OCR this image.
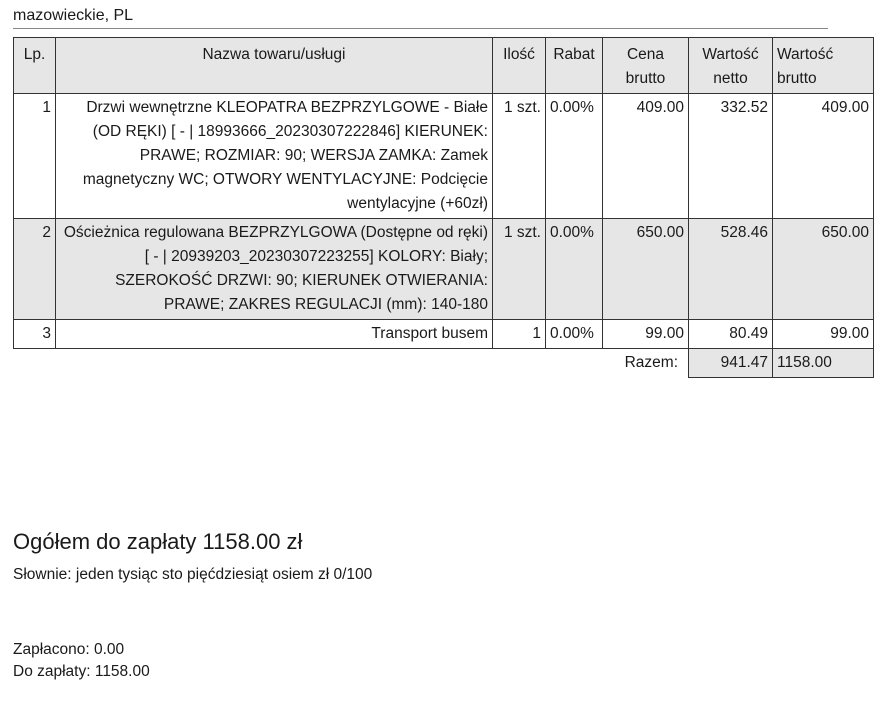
mazowieckie, PL
Lp.	Nazwa towaru/usługi	Ilość	Rabat	Cena brutto	Wartość netto	Wartość brutto
1	Drzwi wewnętrzne KLEOPATRA BEZPRZYLGOWE - Białe (OD RĘKI) [ - | 18993666_20230307222846] KIERUNEK: PRAWE; ROZMIAR: 90; WERSJA ZAMKA: Zamek magnetyczny WC; OTWORY WENTYLACYJNE: Podcięcie wentylacyjne (+60zł)	1 szt.	0.00%	409.00	332.52	409.00
2	Ościeżnica regulowana BEZPRZYLGOWA (Dostępne od ręki) [ - | 20939203_20230307223255] KOLORY: Biały; SZEROKOŚĆ DRZWI: 90; KIERUNEK OTWIERANIA: PRAWE; ZAKRES REGULACJI (mm): 140-180	1 szt.	0.00%	650.00	528.46	650.00
3	Transport busem	1	0.00%	99.00	80.49	99.00
Razem:					941.47	1158.00
Ogółem do zapłaty 1158.00 zł
Słownie: jeden tysiąc sto pięćdziesiąt osiem zł 0/100
Zapłacono: 0.00
Do zapłaty: 1158.00
